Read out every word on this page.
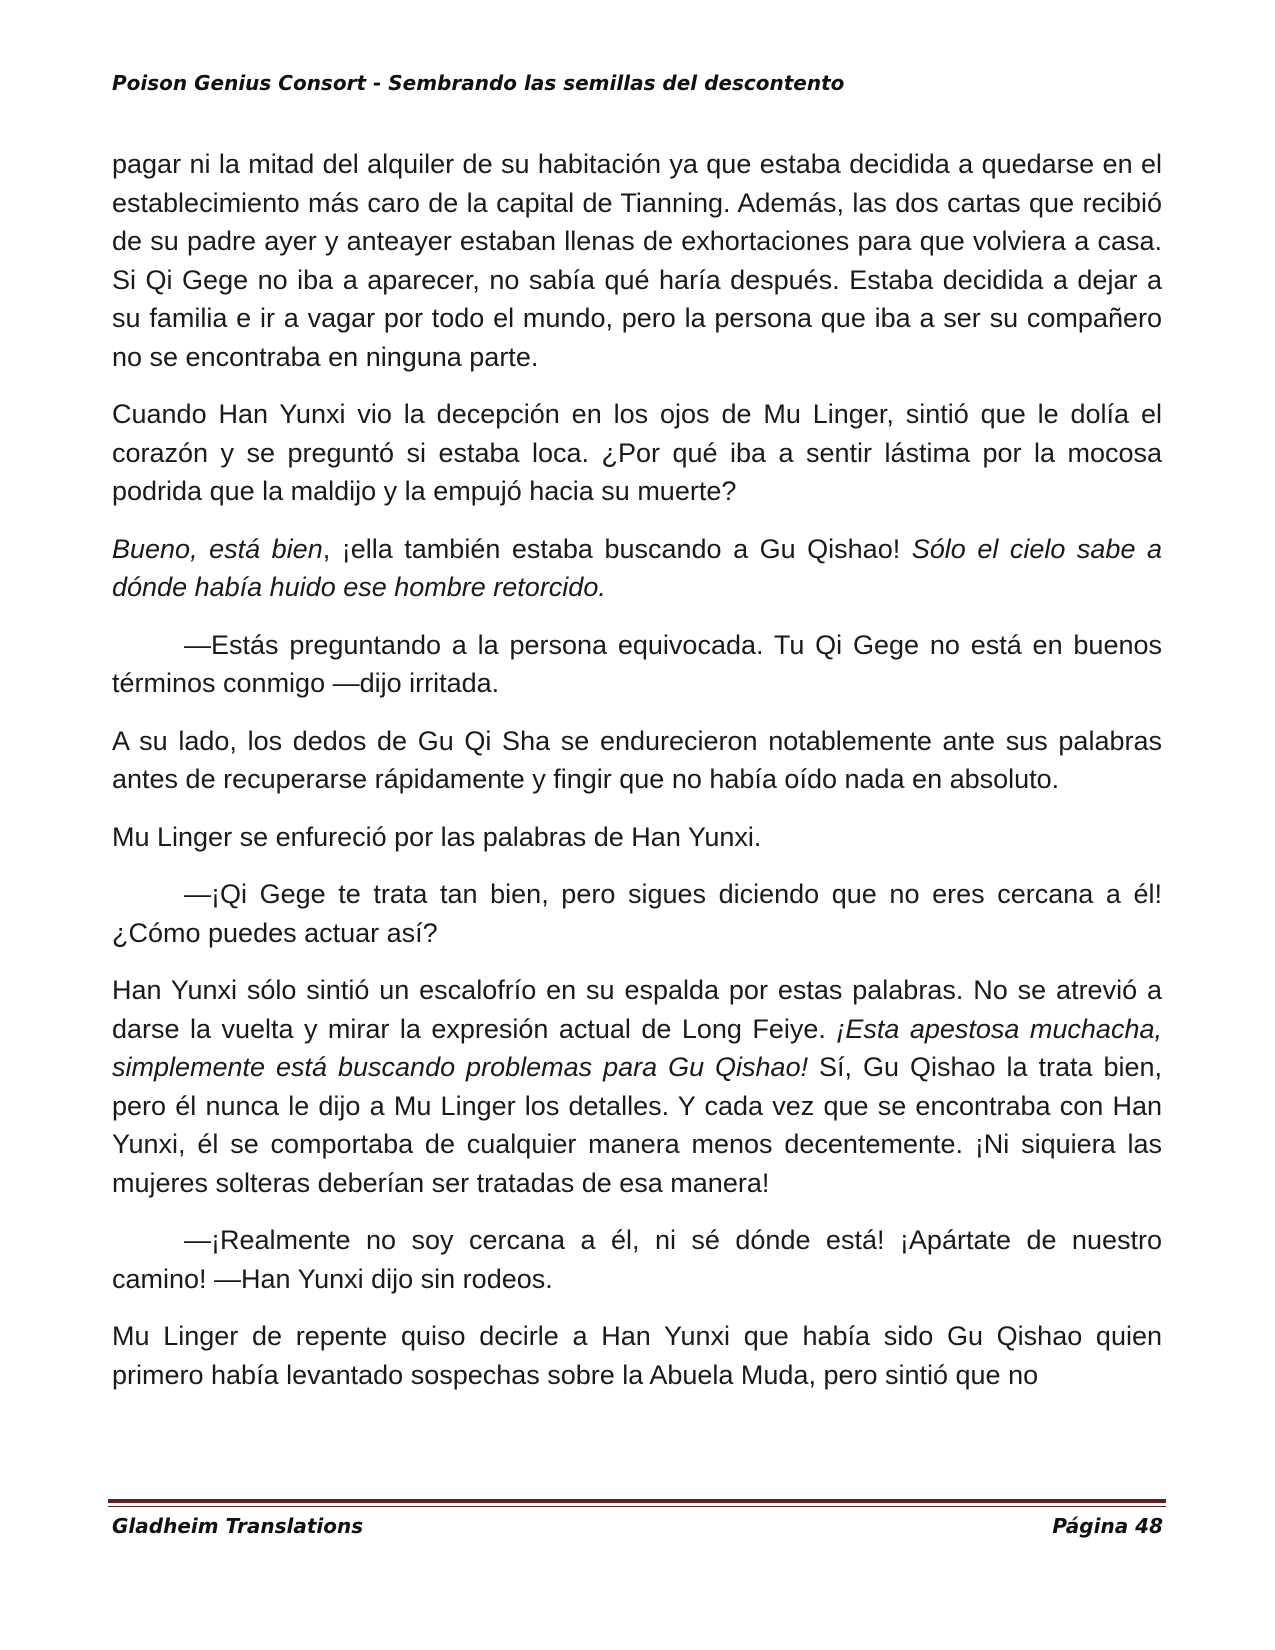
Poison Genius Consort - Sembrando las semillas del descontento

pagar ni la mitad del alquiler de su habitación ya que estaba decidida a quedarse en el establecimiento más caro de la capital de Tianning. Además, las dos cartas que recibió de su padre ayer y anteayer estaban llenas de exhortaciones para que volviera a casa. Si Qi Gege no iba a aparecer, no sabía qué haría después. Estaba decidida a dejar a su familia e ir a vagar por todo el mundo, pero la persona que iba a ser su compañero no se encontraba en ninguna parte.

Cuando Han Yunxi vio la decepción en los ojos de Mu Linger, sintió que le dolía el corazón y se preguntó si estaba loca. ¿Por qué iba a sentir lástima por la mocosa podrida que la maldijo y la empujó hacia su muerte?

Bueno, está bien, ¡ella también estaba buscando a Gu Qishao! Sólo el cielo sabe a dónde había huido ese hombre retorcido.

—Estás preguntando a la persona equivocada. Tu Qi Gege no está en buenos términos conmigo —dijo irritada.

A su lado, los dedos de Gu Qi Sha se endurecieron notablemente ante sus palabras antes de recuperarse rápidamente y fingir que no había oído nada en absoluto.

Mu Linger se enfureció por las palabras de Han Yunxi.

—¡Qi Gege te trata tan bien, pero sigues diciendo que no eres cercana a él! ¿Cómo puedes actuar así?

Han Yunxi sólo sintió un escalofrío en su espalda por estas palabras. No se atrevió a darse la vuelta y mirar la expresión actual de Long Feiye. ¡Esta apestosa muchacha, simplemente está buscando problemas para Gu Qishao! Sí, Gu Qishao la trata bien, pero él nunca le dijo a Mu Linger los detalles. Y cada vez que se encontraba con Han Yunxi, él se comportaba de cualquier manera menos decentemente. ¡Ni siquiera las mujeres solteras deberían ser tratadas de esa manera!

—¡Realmente no soy cercana a él, ni sé dónde está! ¡Apártate de nuestro camino! —Han Yunxi dijo sin rodeos.

Mu Linger de repente quiso decirle a Han Yunxi que había sido Gu Qishao quien primero había levantado sospechas sobre la Abuela Muda, pero sintió que no

Gladheim Translations	Página 48
